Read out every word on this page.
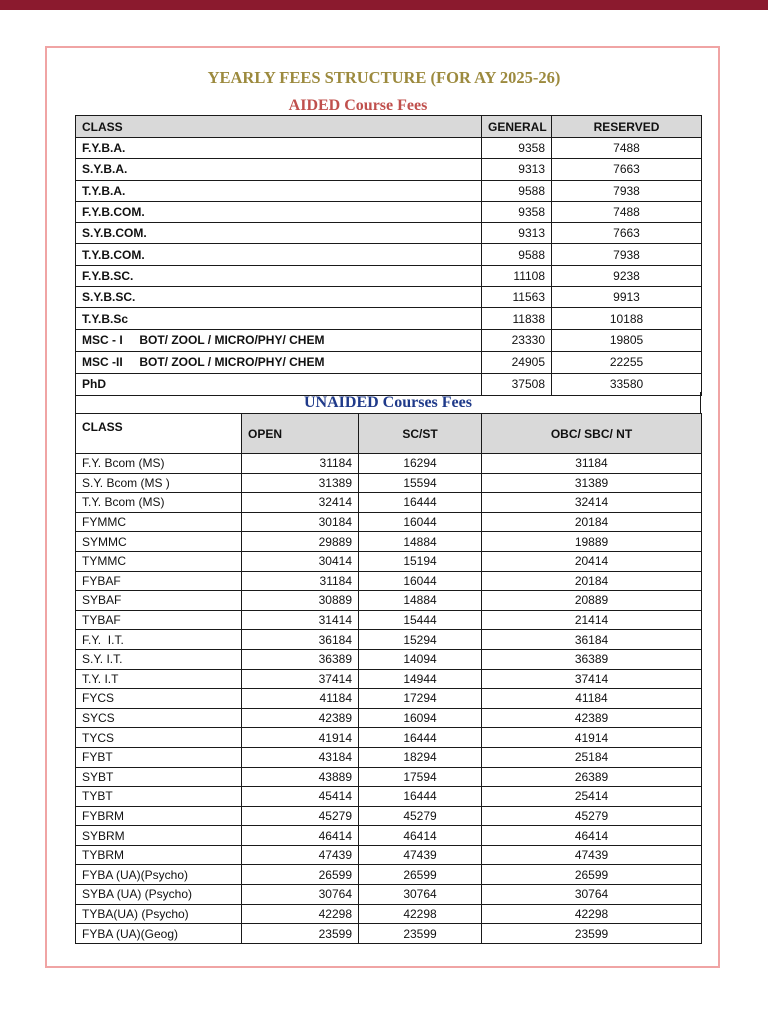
YEARLY FEES STRUCTURE (FOR AY 2025-26)
AIDED Course Fees
CLASS	GENERAL	RESERVED
F.Y.B.A.	9358	7488
S.Y.B.A.	9313	7663
T.Y.B.A.	9588	7938
F.Y.B.COM.	9358	7488
S.Y.B.COM.	9313	7663
T.Y.B.COM.	9588	7938
F.Y.B.SC.	11108	9238
S.Y.B.SC.	11563	9913
T.Y.B.Sc	11838	10188
MSC - I     BOT/ ZOOL / MICRO/PHY/ CHEM	23330	19805
MSC -II     BOT/ ZOOL / MICRO/PHY/ CHEM	24905	22255
PhD	37508	33580
UNAIDED Courses Fees
CLASS	OPEN	SC/ST	OBC/ SBC/ NT
F.Y. Bcom (MS)	31184	16294	31184
S.Y. Bcom (MS )	31389	15594	31389
T.Y. Bcom (MS)	32414	16444	32414
FYMMC	30184	16044	20184
SYMMC	29889	14884	19889
TYMMC	30414	15194	20414
FYBAF	31184	16044	20184
SYBAF	30889	14884	20889
TYBAF	31414	15444	21414
F.Y.  I.T.	36184	15294	36184
S.Y. I.T.	36389	14094	36389
T.Y. I.T	37414	14944	37414
FYCS	41184	17294	41184
SYCS	42389	16094	42389
TYCS	41914	16444	41914
FYBT	43184	18294	25184
SYBT	43889	17594	26389
TYBT	45414	16444	25414
FYBRM	45279	45279	45279
SYBRM	46414	46414	46414
TYBRM	47439	47439	47439
FYBA (UA)(Psycho)	26599	26599	26599
SYBA (UA) (Psycho)	30764	30764	30764
TYBA(UA) (Psycho)	42298	42298	42298
FYBA (UA)(Geog)	23599	23599	23599
